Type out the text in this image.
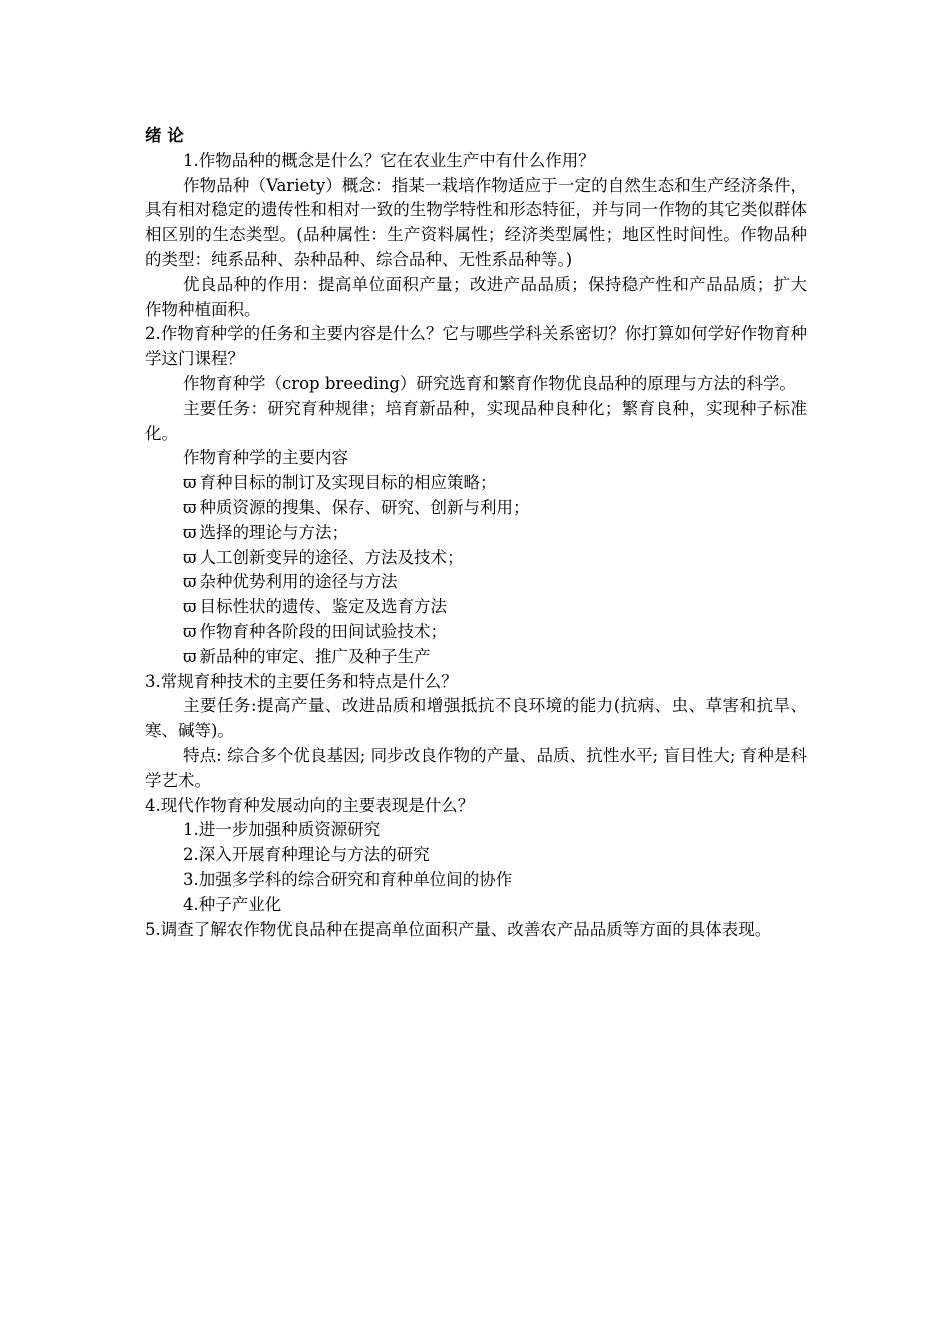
绪 论

1.作物品种的概念是什么？它在农业生产中有什么作用？

作物品种（Variety）概念：指某一栽培作物适应于一定的自然生态和生产经济条件，具有相对稳定的遗传性和相对一致的生物学特性和形态特征，并与同一作物的其它类似群体相区别的生态类型。(品种属性：生产资料属性；经济类型属性；地区性时间性。作物品种的类型：纯系品种、杂种品种、综合品种、无性系品种等。)

优良品种的作用：提高单位面积产量；改进产品品质；保持稳产性和产品品质；扩大作物种植面积。

2.作物育种学的任务和主要内容是什么？它与哪些学科关系密切？你打算如何学好作物育种学这门课程？

作物育种学（crop breeding）研究选育和繁育作物优良品种的原理与方法的科学。

主要任务：研究育种规律；培育新品种，实现品种良种化；繁育良种，实现种子标准化。

作物育种学的主要内容

ϖ 育种目标的制订及实现目标的相应策略；

ϖ 种质资源的搜集、保存、研究、创新与利用；

ϖ 选择的理论与方法；

ϖ 人工创新变异的途径、方法及技术；

ϖ 杂种优势利用的途径与方法

ϖ 目标性状的遗传、鉴定及选育方法

ϖ 作物育种各阶段的田间试验技术；

ϖ 新品种的审定、推广及种子生产

3.常规育种技术的主要任务和特点是什么？

主要任务:提高产量、改进品质和增强抵抗不良环境的能力(抗病、虫、草害和抗旱、寒、碱等)。

特点: 综合多个优良基因; 同步改良作物的产量、品质、抗性水平; 盲目性大; 育种是科学艺术。

4.现代作物育种发展动向的主要表现是什么？

1.进一步加强种质资源研究

2.深入开展育种理论与方法的研究

3.加强多学科的综合研究和育种单位间的协作

4.种子产业化

5.调查了解农作物优良品种在提高单位面积产量、改善农产品品质等方面的具体表现。
